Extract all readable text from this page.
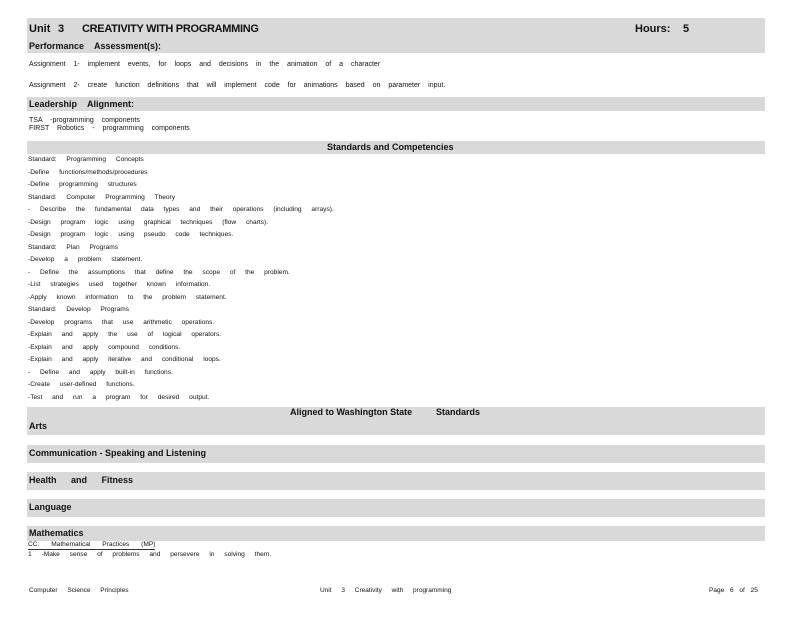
Unit 3 CREATIVITY WITH PROGRAMMING	Hours: 5
Performance Assessment(s):
Assignment 1- implement events, for loops and decisions in the animation of a character
Assignment 2- create function definitions that will implement code for animations based on parameter input.
Leadership Alignment:
TSA -programming components
FIRST Robotics - programming components
Standards and Competencies
Standard: Programming Concepts
-Define functions/methods/procedures
-Define programming structures
Standard: Computer Programming Theory
- Describe the fundamental data types and their operations (including arrays).
-Design program logic using graphical techniques (flow charts).
-Design program logic using pseudo code techniques.
Standard: Plan Programs
-Develop a problem statement.
- Define the assumptions that define the scope of the problem.
-List strategies used together known information.
-Apply known information to the problem statement.
Standard: Develop Programs
-Develop programs that use arithmetic operations.
-Explain and apply the use of logical operators.
-Explain and apply compound conditions.
-Explain and apply iterative and conditional loops.
- Define and apply built-in functions.
-Create user-defined functions.
-Test and run a program for desired output.
Aligned to Washington State	Standards
Arts
Communication - Speaking and Listening
Health and Fitness
Language
Mathematics
CC: Mathematical Practices (MP)
1 -Make sense of problems and persevere in solving them.
Computer Science Principles	Unit 3 Creativity with programming	Page 6 of 25
